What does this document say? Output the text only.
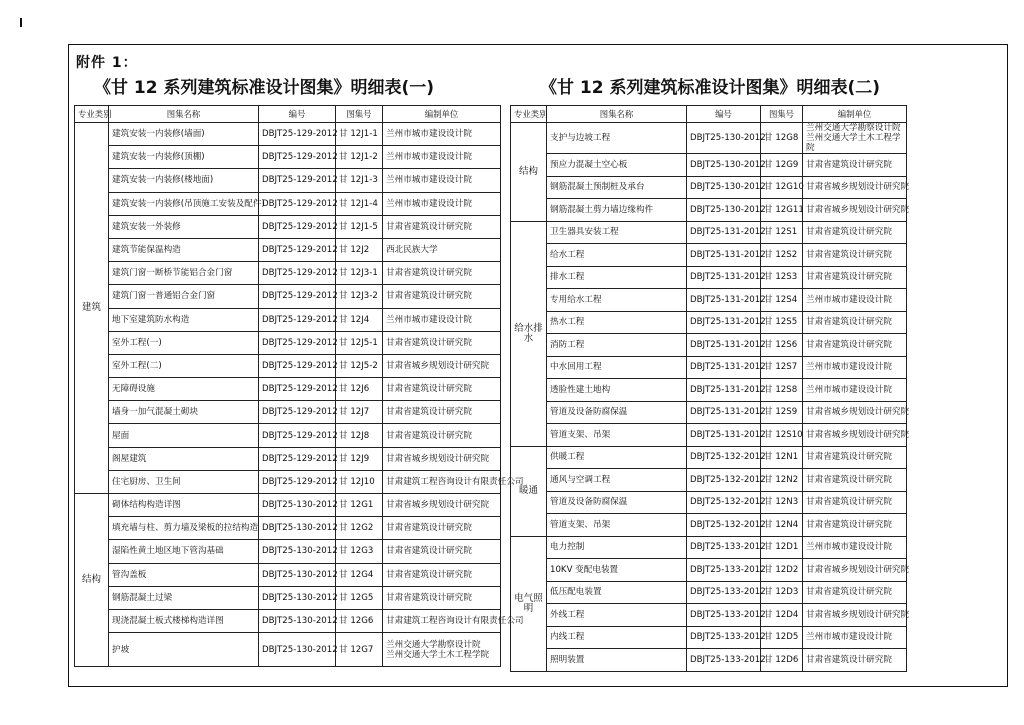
附件 1：
《甘 12 系列建筑标准设计图集》明细表(一)	《甘 12 系列建筑标准设计图集》明细表(二)
专业类别	图集名称	编号	图集号	编制单位
建筑	建筑安装一内装修(墙面)	DBJT25-129-2012	甘 12J1-1	兰州市城市建设设计院
	建筑安装一内装修(顶棚)	DBJT25-129-2012	甘 12J1-2	兰州市城市建设设计院
	建筑安装一内装修(楼地面)	DBJT25-129-2012	甘 12J1-3	兰州市城市建设设计院
	建筑安装一内装修(吊顶施工安装及配件)	DBJT25-129-2012	甘 12J1-4	兰州市城市建设设计院
	建筑安装一外装修	DBJT25-129-2012	甘 12J1-5	甘肃省建筑设计研究院
	建筑节能保温构造	DBJT25-129-2012	甘 12J2	西北民族大学
	建筑门窗一断桥节能铝合金门窗	DBJT25-129-2012	甘 12J3-1	甘肃省建筑设计研究院
	建筑门窗一普通铝合金门窗	DBJT25-129-2012	甘 12J3-2	甘肃省建筑设计研究院
	地下室建筑防水构造	DBJT25-129-2012	甘 12J4	兰州市城市建设设计院
	室外工程(一)	DBJT25-129-2012	甘 12J5-1	甘肃省建筑设计研究院
	室外工程(二)	DBJT25-129-2012	甘 12J5-2	甘肃省城乡规划设计研究院
	无障碍设施	DBJT25-129-2012	甘 12J6	甘肃省建筑设计研究院
	墙身一加气混凝土砌块	DBJT25-129-2012	甘 12J7	甘肃省建筑设计研究院
	屋面	DBJT25-129-2012	甘 12J8	甘肃省建筑设计研究院
	阁屋建筑	DBJT25-129-2012	甘 12J9	甘肃省城乡规划设计研究院
	住宅厨房、卫生间	DBJT25-129-2012	甘 12J10	甘肃建筑工程咨询设计有限责任公司
结构	砌体结构构造详图	DBJT25-130-2012	甘 12G1	甘肃省城乡规划设计研究院
	填充墙与柱、剪力墙及梁板的拉结构造	DBJT25-130-2012	甘 12G2	甘肃省建筑设计研究院
	湿陷性黄土地区地下管沟基础	DBJT25-130-2012	甘 12G3	甘肃省建筑设计研究院
	管沟盖板	DBJT25-130-2012	甘 12G4	甘肃省建筑设计研究院
	钢筋混凝土过梁	DBJT25-130-2012	甘 12G5	甘肃省建筑设计研究院
	现浇混凝土板式楼梯构造详图	DBJT25-130-2012	甘 12G6	甘肃建筑工程咨询设计有限责任公司
	护坡	DBJT25-130-2012	甘 12G7	兰州交通大学勘察设计院
兰州交通大学土木工程学院
专业类别	图集名称	编号	图集号	编制单位
结构	支护与边坡工程	DBJT25-130-2012	甘 12G8	兰州交通大学勘察设计院
兰州交通大学土木工程学院

	预应力混凝土空心板	DBJT25-130-2012	甘 12G9	甘肃省建筑设计研究院
	钢筋混凝土预制桩及承台	DBJT25-130-2012	甘 12G10	甘肃省城乡规划设计研究院
	钢筋混凝土剪力墙边缘构件	DBJT25-130-2012	甘 12G11	甘肃省城乡规划设计研究院
给水排水	卫生器具安装工程	DBJT25-131-2012	甘 12S1	甘肃省建筑设计研究院
	给水工程	DBJT25-131-2012	甘 12S2	甘肃省建筑设计研究院
	排水工程	DBJT25-131-2012	甘 12S3	甘肃省建筑设计研究院
	专用给水工程	DBJT25-131-2012	甘 12S4	兰州市城市建设设计院
	热水工程	DBJT25-131-2012	甘 12S5	甘肃省建筑设计研究院
	消防工程	DBJT25-131-2012	甘 12S6	甘肃省建筑设计研究院
	中水回用工程	DBJT25-131-2012	甘 12S7	兰州市城市建设设计院
	透脸性建土地构	DBJT25-131-2012	甘 12S8	兰州市城市建设设计院
	管道及设备防腐保温	DBJT25-131-2012	甘 12S9	甘肃省城乡规划设计研究院
	管道支架、吊架	DBJT25-131-2012	甘 12S10	甘肃省城乡规划设计研究院
暖通	供暖工程	DBJT25-132-2012	甘 12N1	甘肃省建筑设计研究院
	通风与空调工程	DBJT25-132-2012	甘 12N2	甘肃省建筑设计研究院
	管道及设备防腐保温	DBJT25-132-2012	甘 12N3	甘肃省建筑设计研究院
	管道支架、吊架	DBJT25-132-2012	甘 12N4	甘肃省建筑设计研究院
电气照明	电力控制	DBJT25-133-2012	甘 12D1	兰州市城市建设设计院
	10KV 变配电装置	DBJT25-133-2012	甘 12D2	甘肃省城乡规划设计研究院
	低压配电装置	DBJT25-133-2012	甘 12D3	甘肃省建筑设计研究院
	外线工程	DBJT25-133-2012	甘 12D4	甘肃省城乡规划设计研究院
	内线工程	DBJT25-133-2012	甘 12D5	兰州市城市建设设计院
	照明装置	DBJT25-133-2012	甘 12D6	甘肃省建筑设计研究院
